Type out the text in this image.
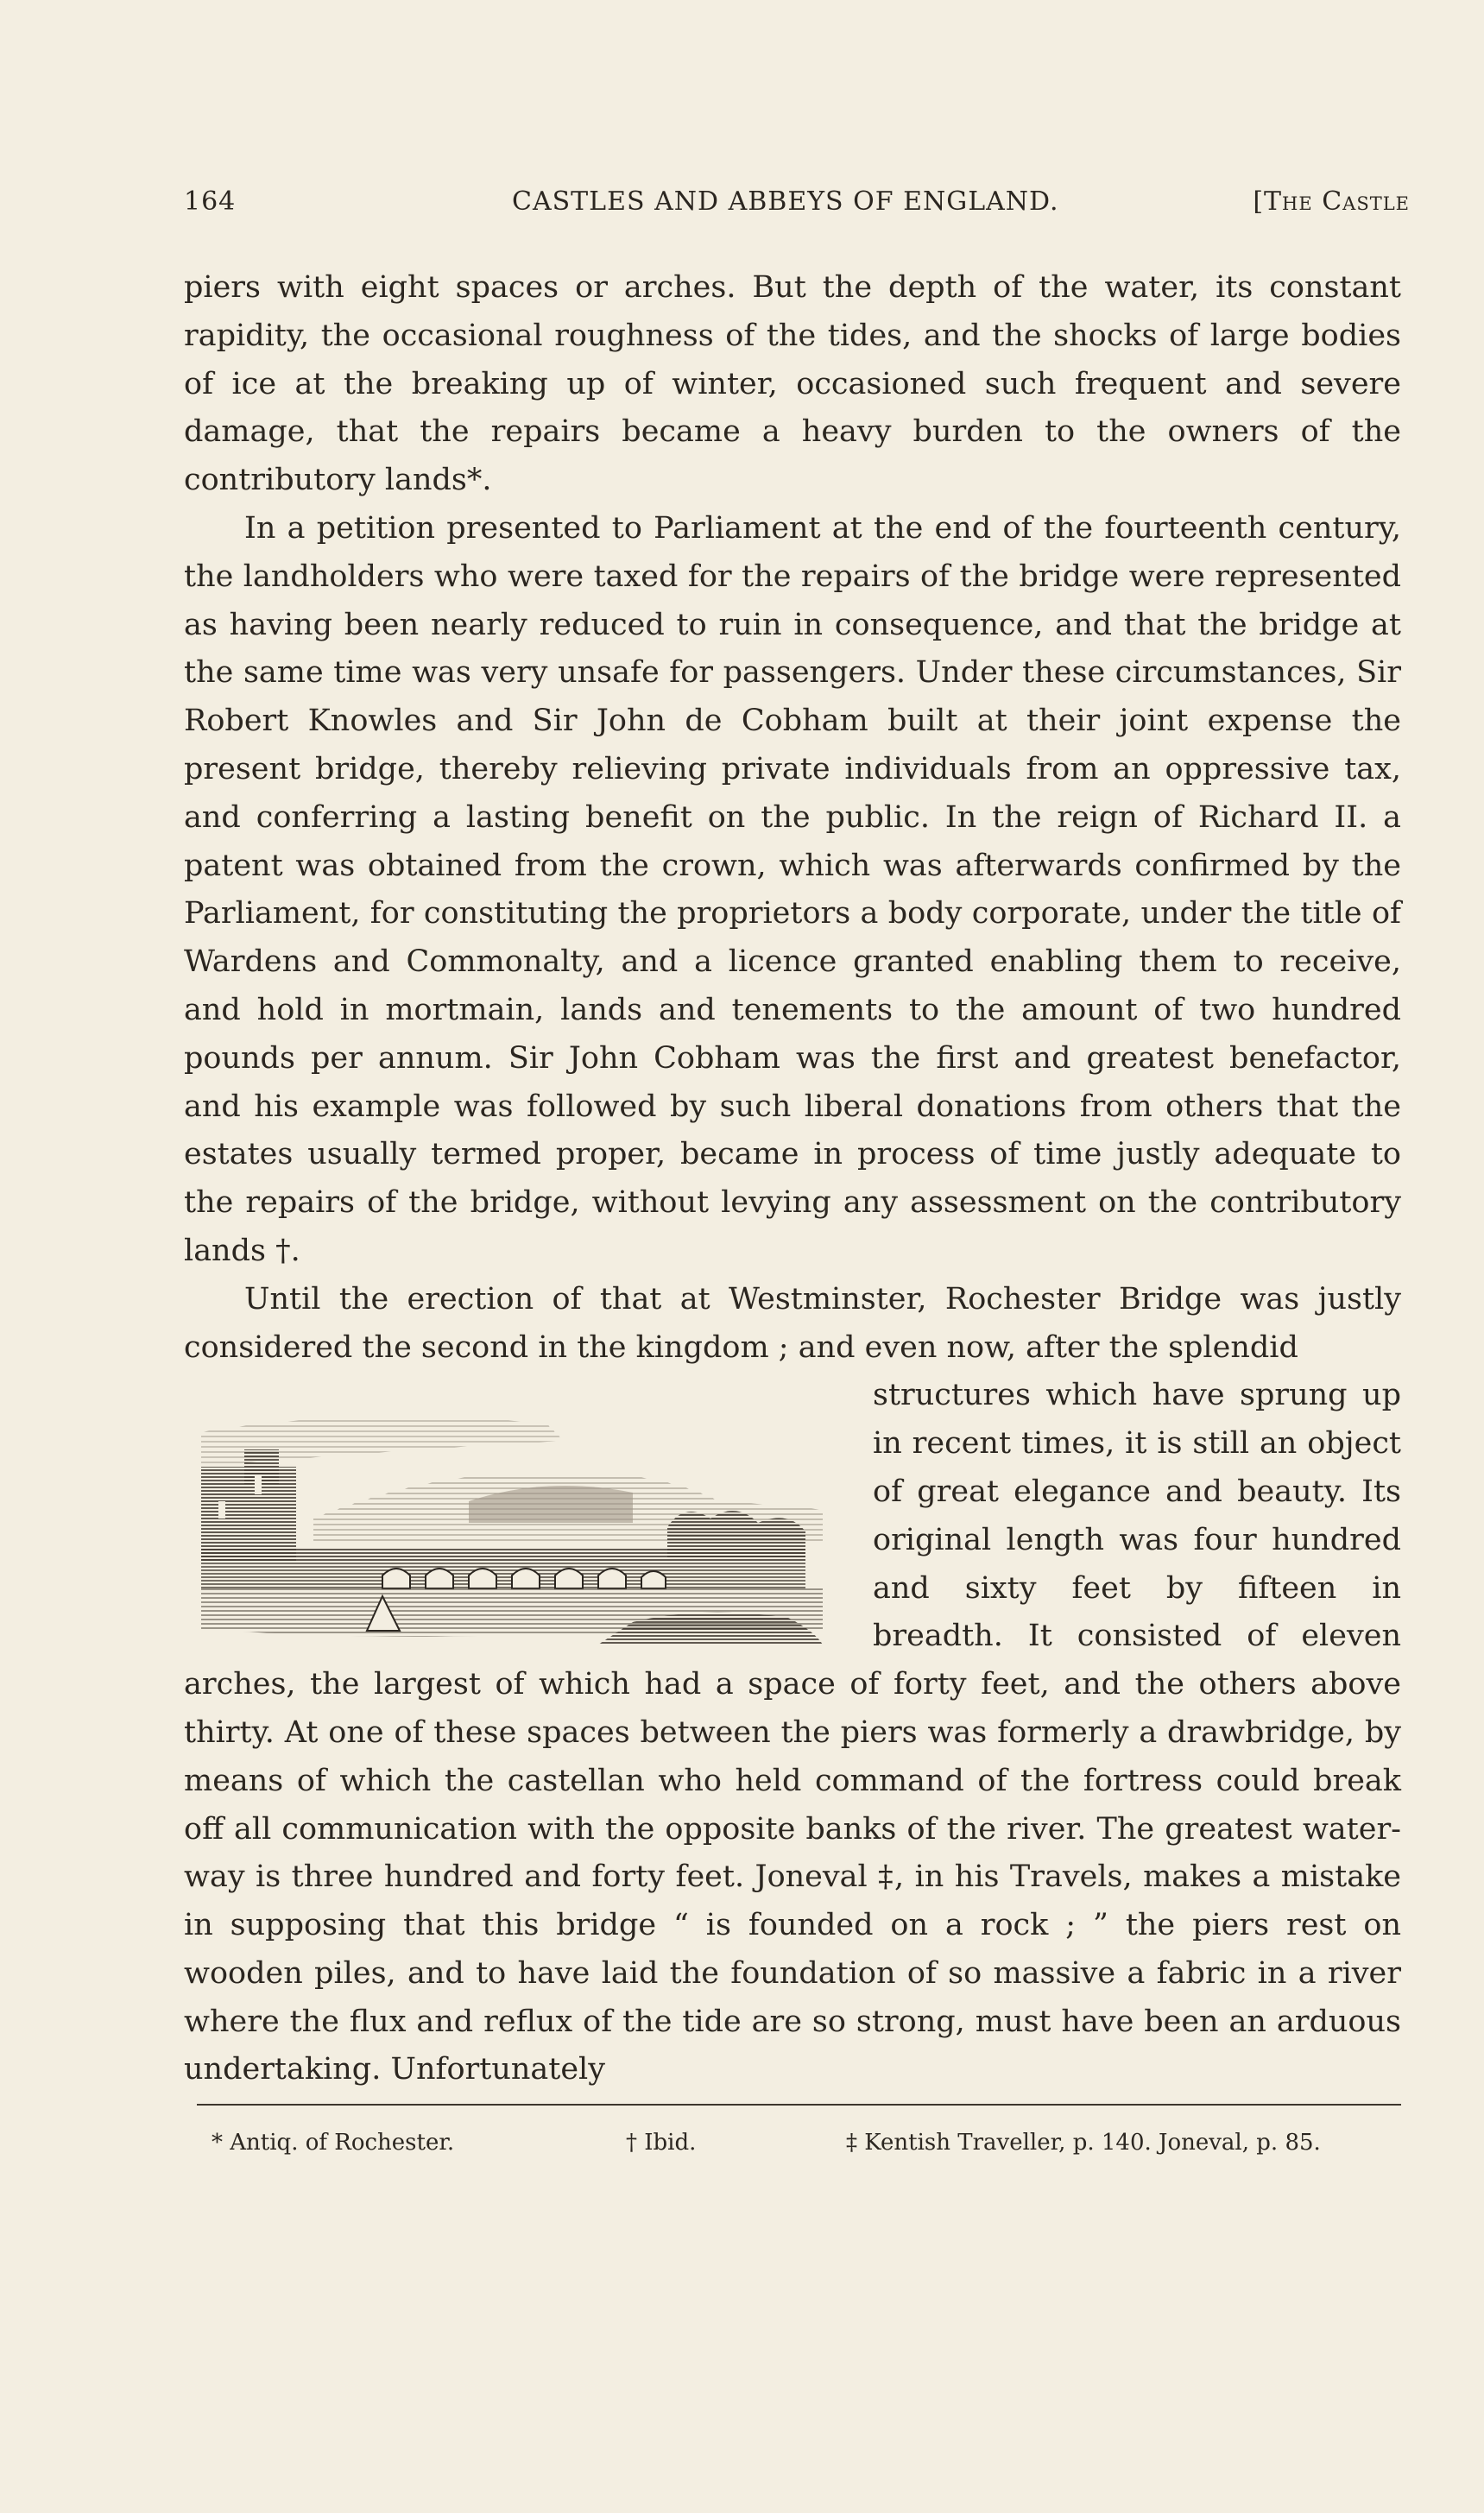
164	CASTLES AND ABBEYS OF ENGLAND.	[The Castle

piers with eight spaces or arches. But the depth of the water, its constant rapidity, the occasional roughness of the tides, and the shocks of large bodies of ice at the breaking up of winter, occasioned such frequent and severe damage, that the repairs became a heavy burden to the owners of the contributory lands*.

In a petition presented to Parliament at the end of the fourteenth century, the landholders who were taxed for the repairs of the bridge were represented as having been nearly reduced to ruin in consequence, and that the bridge at the same time was very unsafe for passengers. Under these circumstances, Sir Robert Knowles and Sir John de Cobham built at their joint expense the present bridge, thereby relieving private individuals from an oppressive tax, and conferring a lasting benefit on the public. In the reign of Richard II. a patent was obtained from the crown, which was afterwards confirmed by the Parliament, for constituting the proprietors a body corporate, under the title of Wardens and Commonalty, and a licence granted enabling them to receive, and hold in mortmain, lands and tenements to the amount of two hundred pounds per annum. Sir John Cobham was the first and greatest benefactor, and his example was followed by such liberal donations from others that the estates usually termed proper, became in process of time justly adequate to the repairs of the bridge, without levying any assessment on the contributory lands †.

Until the erection of that at Westminster, Rochester Bridge was justly considered the second in the kingdom ; and even now, after the splendid

structures which have sprung up in recent times, it is still an object of great elegance and beauty. Its original length was four hundred and sixty feet by fifteen in breadth. It consisted of eleven arches, the largest of which had a space of forty feet, and the others above thirty. At one of these spaces between the piers was formerly a drawbridge, by means of which the castellan who held command of the fortress could break off all communication with the opposite banks of the river. The greatest water-way is three hundred and forty feet. Joneval ‡, in his Travels, makes a mistake in supposing that this bridge “ is founded on a rock ; ” the piers rest on wooden piles, and to have laid the foundation of so massive a fabric in a river where the flux and reflux of the tide are so strong, must have been an arduous undertaking. Unfortunately

* Antiq. of Rochester.	† Ibid.	‡ Kentish Traveller, p. 140. Joneval, p. 85.
